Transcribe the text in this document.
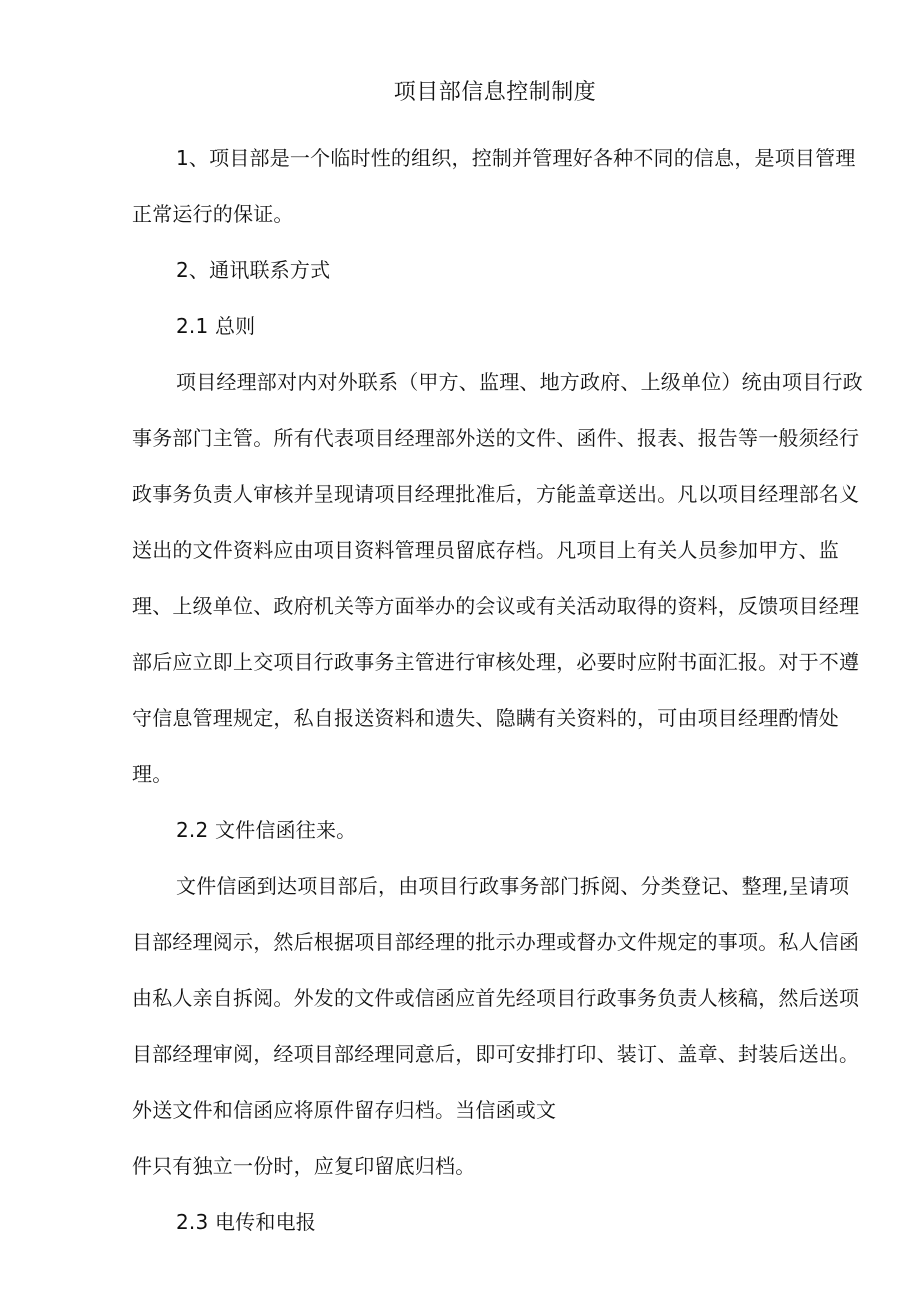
项目部信息控制制度

1、项目部是一个临时性的组织，控制并管理好各种不同的信息，是项目管理正常运行的保证。

2、通讯联系方式

2.1 总则

项目经理部对内对外联系（甲方、监理、地方政府、上级单位）统由项目行政事务部门主管。所有代表项目经理部外送的文件、函件、报表、报告等一般须经行政事务负责人审核并呈现请项目经理批准后，方能盖章送出。凡以项目经理部名义送出的文件资料应由项目资料管理员留底存档。凡项目上有关人员参加甲方、监理、上级单位、政府机关等方面举办的会议或有关活动取得的资料，反馈项目经理部后应立即上交项目行政事务主管进行审核处理，必要时应附书面汇报。对于不遵守信息管理规定，私自报送资料和遗失、隐瞒有关资料的，可由项目经理酌情处理。

2.2 文件信函往来。

文件信函到达项目部后，由项目行政事务部门拆阅、分类登记、整理,呈请项目部经理阅示，然后根据项目部经理的批示办理或督办文件规定的事项。私人信函由私人亲自拆阅。外发的文件或信函应首先经项目行政事务负责人核稿，然后送项目部经理审阅，经项目部经理同意后，即可安排打印、装订、盖章、封装后送出。外送文件和信函应将原件留存归档。当信函或文

件只有独立一份时，应复印留底归档。

2.3 电传和电报
